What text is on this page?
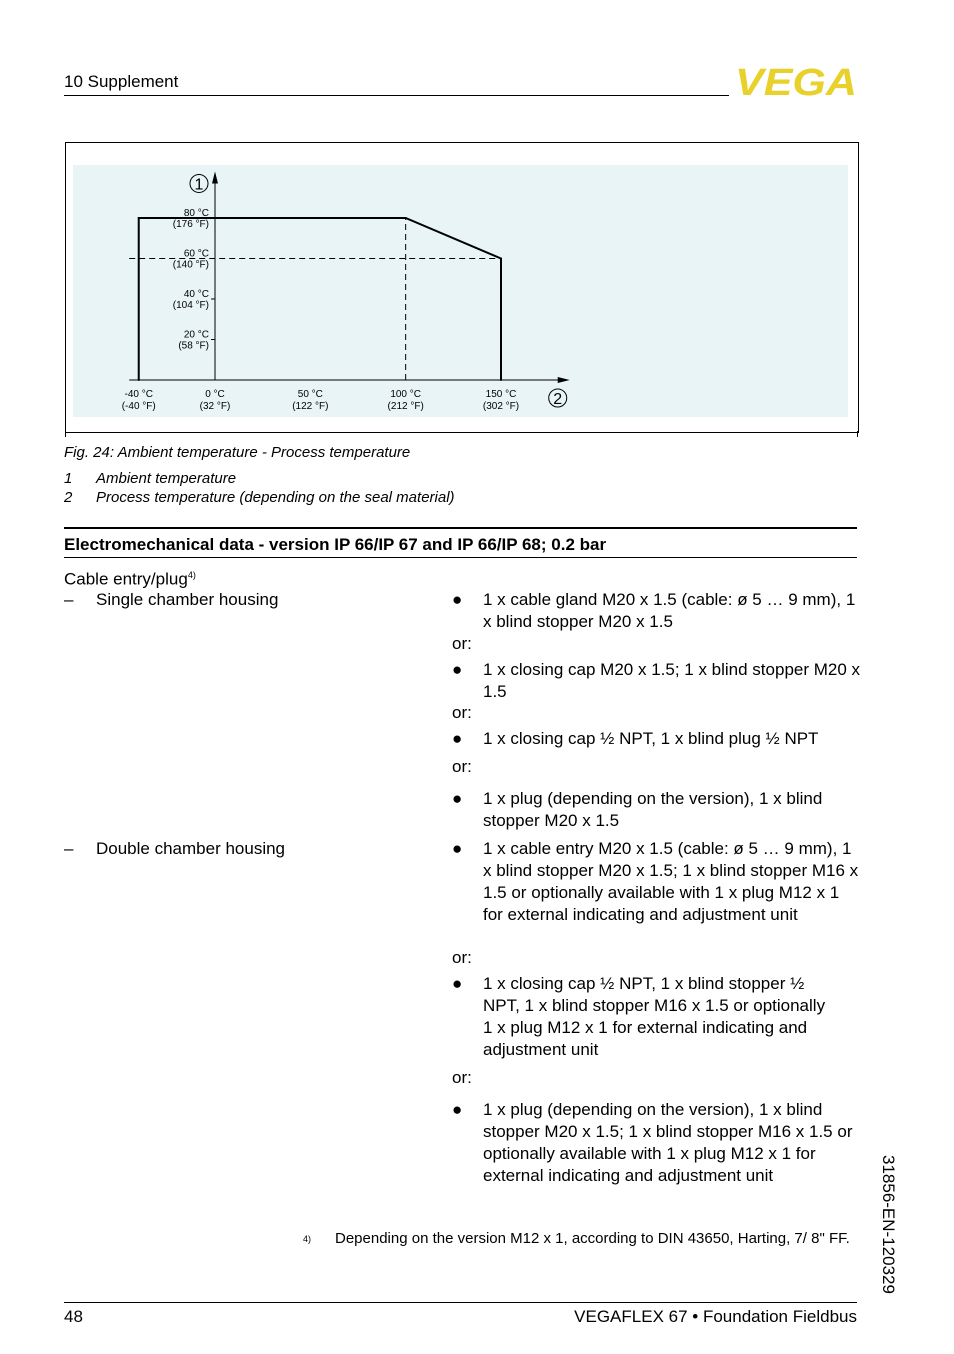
10 Supplement	VEGA
-40 °C
(-40 °F)
0 °C
(32 °F)
50 °C
(122 °F)
100 °C
(212 °F)
150 °C
(302 °F)
80 °C
(176 °F)
60 °C
(140 °F)
40 °C
(104 °F)
20 °C
(58 °F)
1
2
Fig. 24: Ambient temperature - Process temperature
1 Ambient temperature
2 Process temperature (depending on the seal material)
Electromechanical data - version IP 66/IP 67 and IP 66/IP 68; 0.2 bar
Cable entry/plug$^{4)}$
– Single chamber housing	● 1 x cable gland M20 x 1.5 (cable: ø 5 … 9 mm), 1 x blind stopper M20 x 1.5
or:
● 1 x closing cap M20 x 1.5; 1 x blind stopper M20 x 1.5
or:
● 1 x closing cap ½ NPT, 1 x blind plug ½ NPT
or:
● 1 x plug (depending on the version), 1 x blind stopper M20 x 1.5
– Double chamber housing	● 1 x cable entry M20 x 1.5 (cable: ø 5 … 9 mm), 1 x blind stopper M20 x 1.5; 1 x blind stopper M16 x 1.5 or optionally available with 1 x plug M12 x 1 for external indicating and adjustment unit
or:
● 1 x closing cap ½ NPT, 1 x blind stopper ½ NPT, 1 x blind stopper M16 x 1.5 or optionally 1 x plug M12 x 1 for external indicating and adjustment unit
or:
● 1 x plug (depending on the version), 1 x blind stopper M20 x 1.5; 1 x blind stopper M16 x 1.5 or optionally available with 1 x plug M12 x 1 for external indicating and adjustment unit
4) Depending on the version M12 x 1, according to DIN 43650, Harting, 7/ 8" FF.
48	VEGAFLEX 67 • Foundation Fieldbus
31856-EN-120329
